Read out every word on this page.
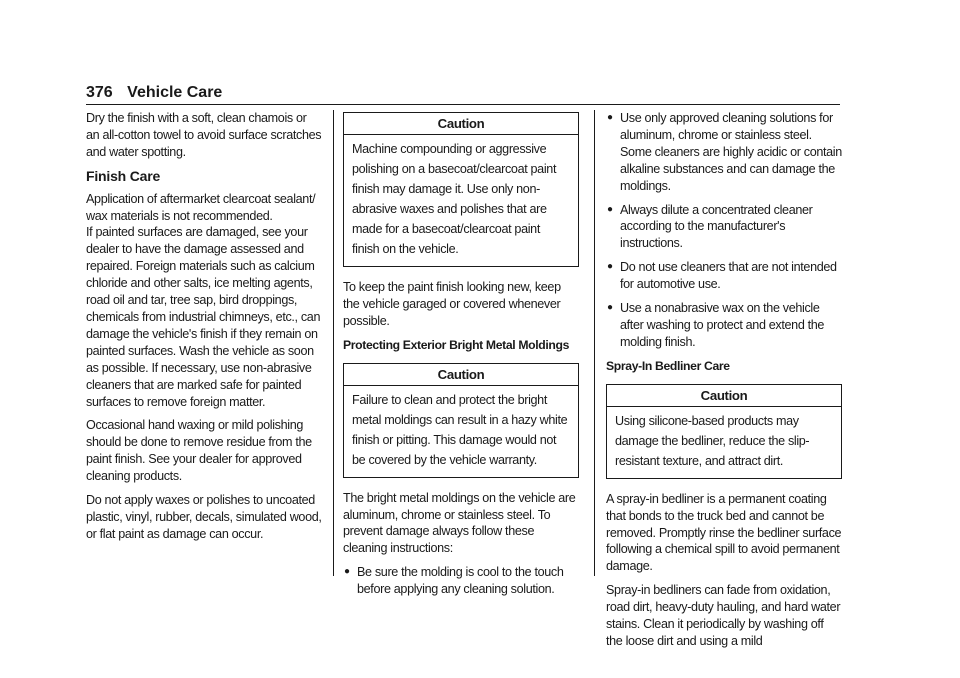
376 Vehicle Care

Dry the finish with a soft, clean chamois or an all-cotton towel to avoid surface scratches and water spotting.

Finish Care

Application of aftermarket clearcoat sealant/ wax materials is not recommended.

If painted surfaces are damaged, see your dealer to have the damage assessed and repaired. Foreign materials such as calcium chloride and other salts, ice melting agents, road oil and tar, tree sap, bird droppings, chemicals from industrial chimneys, etc., can damage the vehicle's finish if they remain on painted surfaces. Wash the vehicle as soon as possible. If necessary, use non-abrasive cleaners that are marked safe for painted surfaces to remove foreign matter.

Occasional hand waxing or mild polishing should be done to remove residue from the paint finish. See your dealer for approved cleaning products.

Do not apply waxes or polishes to uncoated plastic, vinyl, rubber, decals, simulated wood, or flat paint as damage can occur.

Caution
Machine compounding or aggressive polishing on a basecoat/clearcoat paint finish may damage it. Use only non-abrasive waxes and polishes that are made for a basecoat/clearcoat paint finish on the vehicle.

To keep the paint finish looking new, keep the vehicle garaged or covered whenever possible.

Protecting Exterior Bright Metal Moldings
Caution
Failure to clean and protect the bright metal moldings can result in a hazy white finish or pitting. This damage would not be covered by the vehicle warranty.

The bright metal moldings on the vehicle are aluminum, chrome or stainless steel. To prevent damage always follow these cleaning instructions:

● Be sure the molding is cool to the touch before applying any cleaning solution.
● Use only approved cleaning solutions for aluminum, chrome or stainless steel. Some cleaners are highly acidic or contain alkaline substances and can damage the moldings.
● Always dilute a concentrated cleaner according to the manufacturer's instructions.
● Do not use cleaners that are not intended for automotive use.
● Use a nonabrasive wax on the vehicle after washing to protect and extend the molding finish.
Spray-In Bedliner Care
Caution
Using silicone-based products may damage the bedliner, reduce the slip-resistant texture, and attract dirt.

A spray-in bedliner is a permanent coating that bonds to the truck bed and cannot be removed. Promptly rinse the bedliner surface following a chemical spill to avoid permanent damage.

Spray-in bedliners can fade from oxidation, road dirt, heavy-duty hauling, and hard water stains. Clean it periodically by washing off the loose dirt and using a mild
